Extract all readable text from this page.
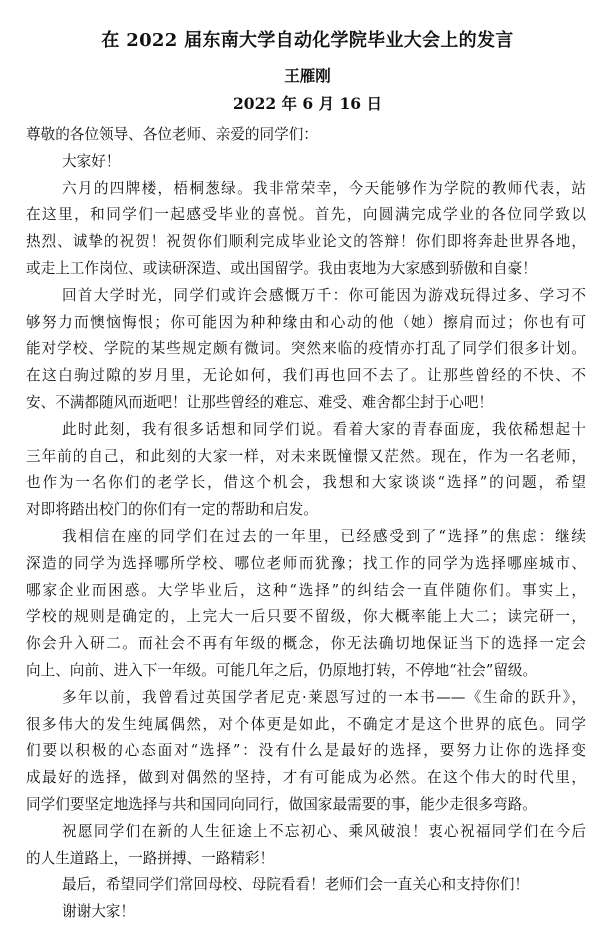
在 2022 届东南大学自动化学院毕业大会上的发言
王雁刚
2022 年 6 月 16 日
尊敬的各位领导、各位老师、亲爱的同学们：
大家好！
六月的四牌楼，梧桐葱绿。我非常荣幸，今天能够作为学院的教师代表，站
在这里，和同学们一起感受毕业的喜悦。首先，向圆满完成学业的各位同学致以
热烈、诚挚的祝贺！祝贺你们顺利完成毕业论文的答辩！你们即将奔赴世界各地，
或走上工作岗位、或读研深造、或出国留学。我由衷地为大家感到骄傲和自豪！
回首大学时光，同学们或许会感慨万千：你可能因为游戏玩得过多、学习不
够努力而懊恼悔恨；你可能因为种种缘由和心动的他（她）擦肩而过；你也有可
能对学校、学院的某些规定颇有微词。突然来临的疫情亦打乱了同学们很多计划。
在这白驹过隙的岁月里，无论如何，我们再也回不去了。让那些曾经的不快、不
安、不满都随风而逝吧！让那些曾经的难忘、难受、难舍都尘封于心吧！
此时此刻，我有很多话想和同学们说。看着大家的青春面庞，我依稀想起十
三年前的自己，和此刻的大家一样，对未来既憧憬又茫然。现在，作为一名老师，
也作为一名你们的老学长，借这个机会，我想和大家谈谈“选择”的问题，希望
对即将踏出校门的你们有一定的帮助和启发。
我相信在座的同学们在过去的一年里，已经感受到了“选择”的焦虑：继续
深造的同学为选择哪所学校、哪位老师而犹豫；找工作的同学为选择哪座城市、
哪家企业而困惑。大学毕业后，这种“选择”的纠结会一直伴随你们。事实上，
学校的规则是确定的，上完大一后只要不留级，你大概率能上大二；读完研一，
你会升入研二。而社会不再有年级的概念，你无法确切地保证当下的选择一定会
向上、向前、进入下一年级。可能几年之后，仍原地打转，不停地“社会”留级。
多年以前，我曾看过英国学者尼克·莱恩写过的一本书——《生命的跃升》，
很多伟大的发生纯属偶然，对个体更是如此，不确定才是这个世界的底色。同学
们要以积极的心态面对“选择”：没有什么是最好的选择，要努力让你的选择变
成最好的选择，做到对偶然的坚持，才有可能成为必然。在这个伟大的时代里，
同学们要坚定地选择与共和国同向同行，做国家最需要的事，能少走很多弯路。
祝愿同学们在新的人生征途上不忘初心、乘风破浪！衷心祝福同学们在今后
的人生道路上，一路拼搏、一路精彩！
最后，希望同学们常回母校、母院看看！老师们会一直关心和支持你们！
谢谢大家！
